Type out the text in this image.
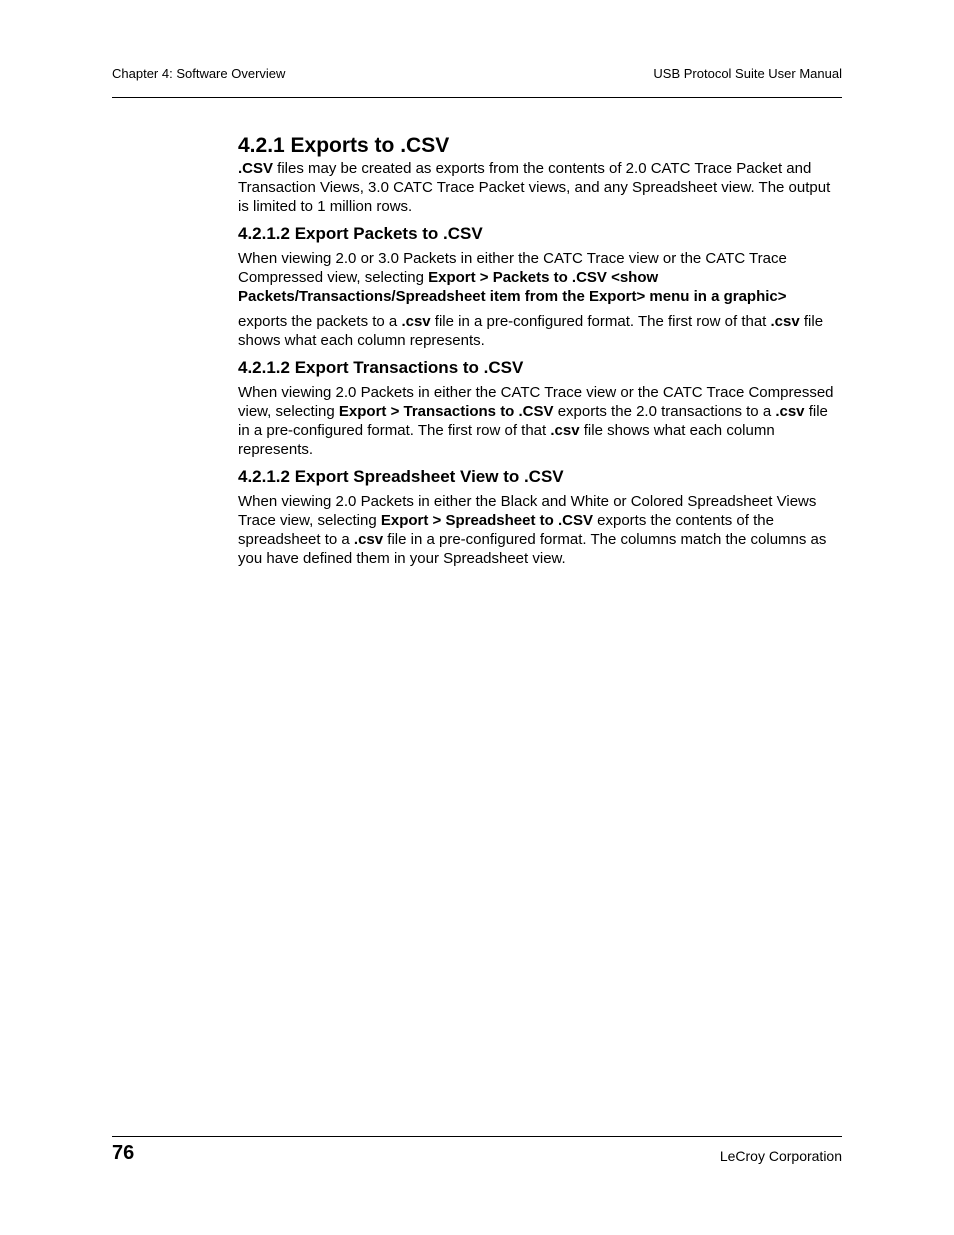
Chapter 4: Software Overview	USB Protocol Suite User Manual
4.2.1 Exports to .CSV

.CSV files may be created as exports from the contents of 2.0 CATC Trace Packet and Transaction Views, 3.0 CATC Trace Packet views, and any Spreadsheet view. The output is limited to 1 million rows.

4.2.1.2 Export Packets to .CSV

When viewing 2.0 or 3.0 Packets in either the CATC Trace view or the CATC Trace Compressed view, selecting Export > Packets to .CSV <show Packets/Transactions/Spreadsheet item from the Export> menu in a graphic>

exports the packets to a .csv file in a pre-configured format. The first row of that .csv file shows what each column represents.

4.2.1.2 Export Transactions to .CSV

When viewing 2.0 Packets in either the CATC Trace view or the CATC Trace Compressed view, selecting Export > Transactions to .CSV exports the 2.0 transactions to a .csv file in a pre-configured format. The first row of that .csv file shows what each column represents.

4.2.1.2 Export Spreadsheet View to .CSV

When viewing 2.0 Packets in either the Black and White or Colored Spreadsheet Views Trace view, selecting Export > Spreadsheet to .CSV exports the contents of the spreadsheet to a .csv file in a pre-configured format. The columns match the columns as you have defined them in your Spreadsheet view.

76	LeCroy Corporation
